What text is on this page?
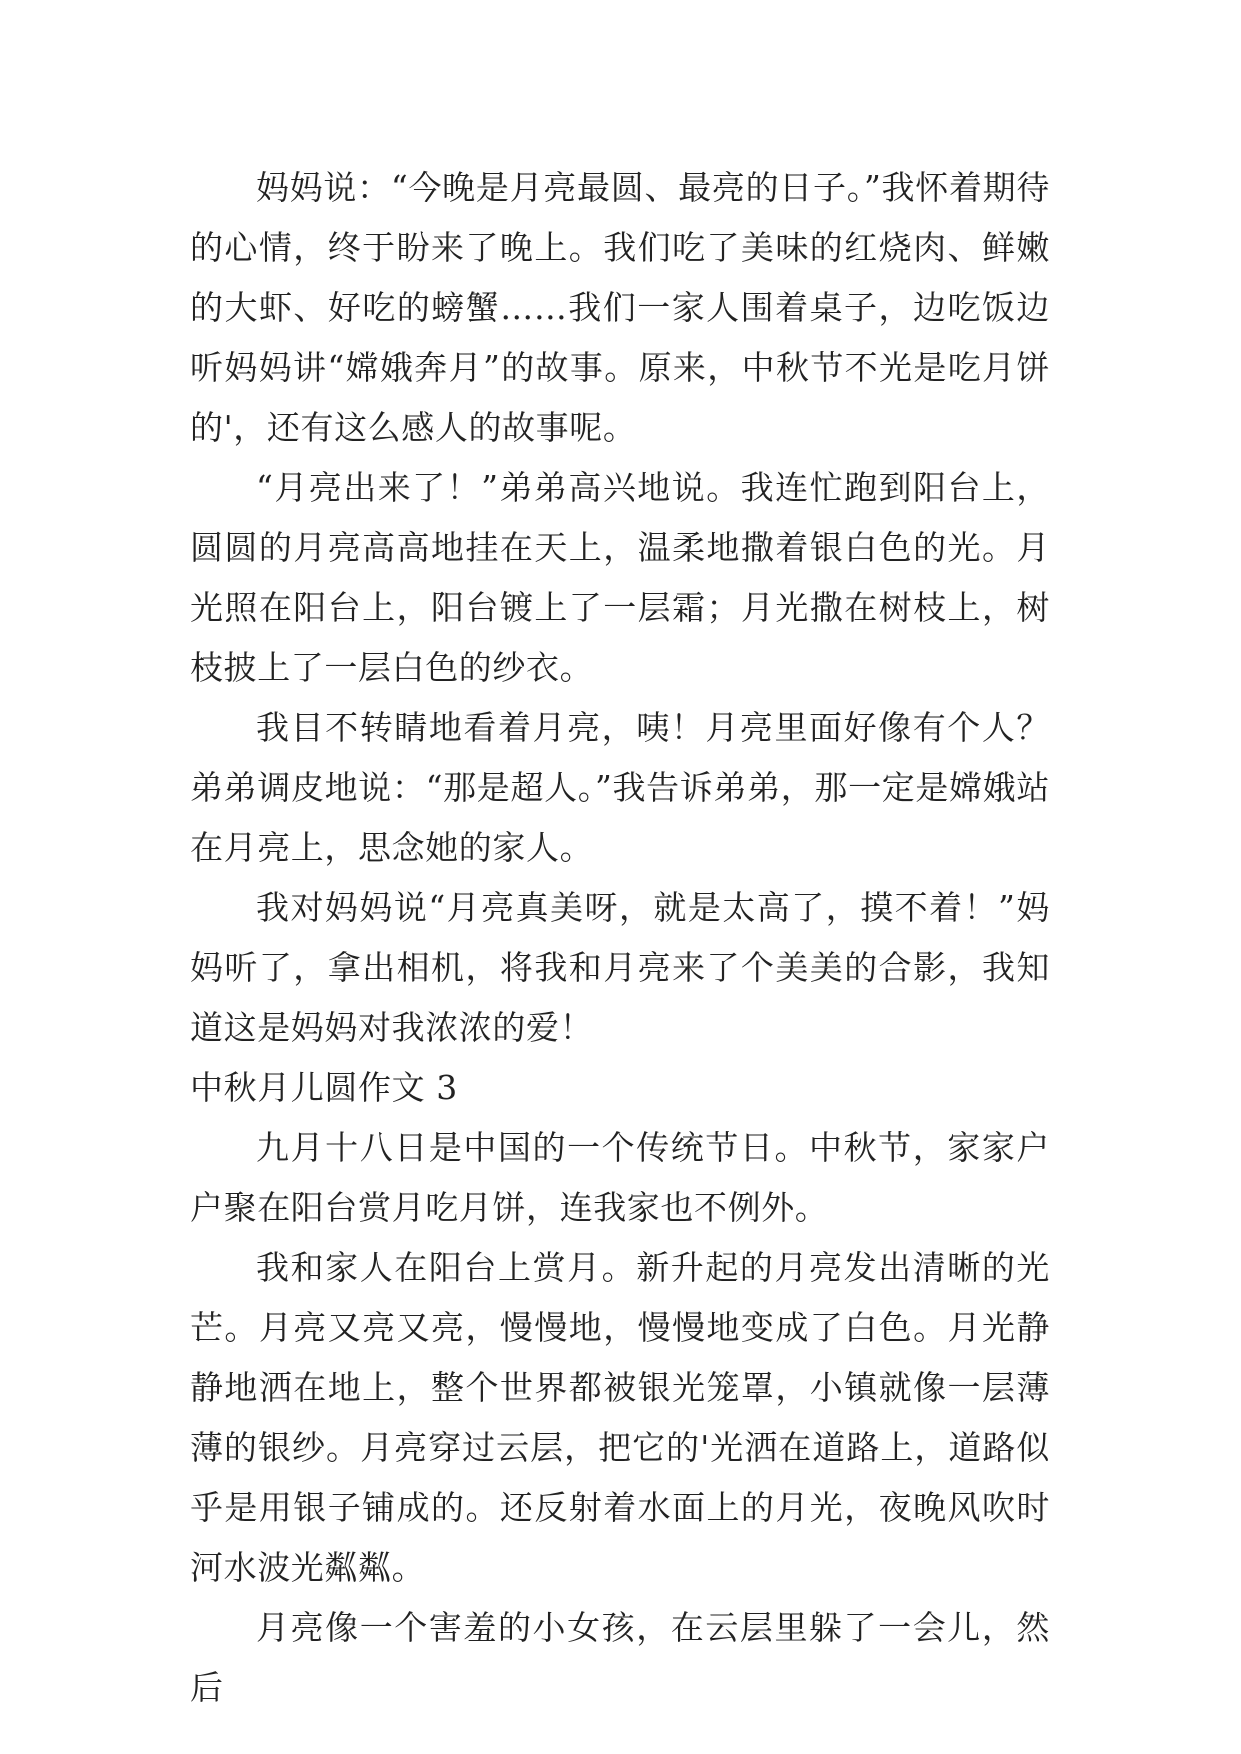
妈妈说：“今晚是月亮最圆、最亮的日子。”我怀着期待的心情，终于盼来了晚上。我们吃了美味的红烧肉、鲜嫩的大虾、好吃的螃蟹……我们一家人围着桌子，边吃饭边听妈妈讲“嫦娥奔月”的故事。原来，中秋节不光是吃月饼的'，还有这么感人的故事呢。

“月亮出来了！”弟弟高兴地说。我连忙跑到阳台上，圆圆的月亮高高地挂在天上，温柔地撒着银白色的光。月光照在阳台上，阳台镀上了一层霜；月光撒在树枝上，树枝披上了一层白色的纱衣。

我目不转睛地看着月亮，咦！月亮里面好像有个人？弟弟调皮地说：“那是超人。”我告诉弟弟，那一定是嫦娥站在月亮上，思念她的家人。

我对妈妈说“月亮真美呀，就是太高了，摸不着！”妈妈听了，拿出相机，将我和月亮来了个美美的合影，我知道这是妈妈对我浓浓的爱！

中秋月儿圆作文 3

九月十八日是中国的一个传统节日。中秋节，家家户户聚在阳台赏月吃月饼，连我家也不例外。

我和家人在阳台上赏月。新升起的月亮发出清晰的光芒。月亮又亮又亮，慢慢地，慢慢地变成了白色。月光静静地洒在地上，整个世界都被银光笼罩，小镇就像一层薄薄的银纱。月亮穿过云层，把它的'光洒在道路上，道路似乎是用银子铺成的。还反射着水面上的月光，夜晚风吹时河水波光粼粼。

月亮像一个害羞的小女孩，在云层里躲了一会儿，然后
